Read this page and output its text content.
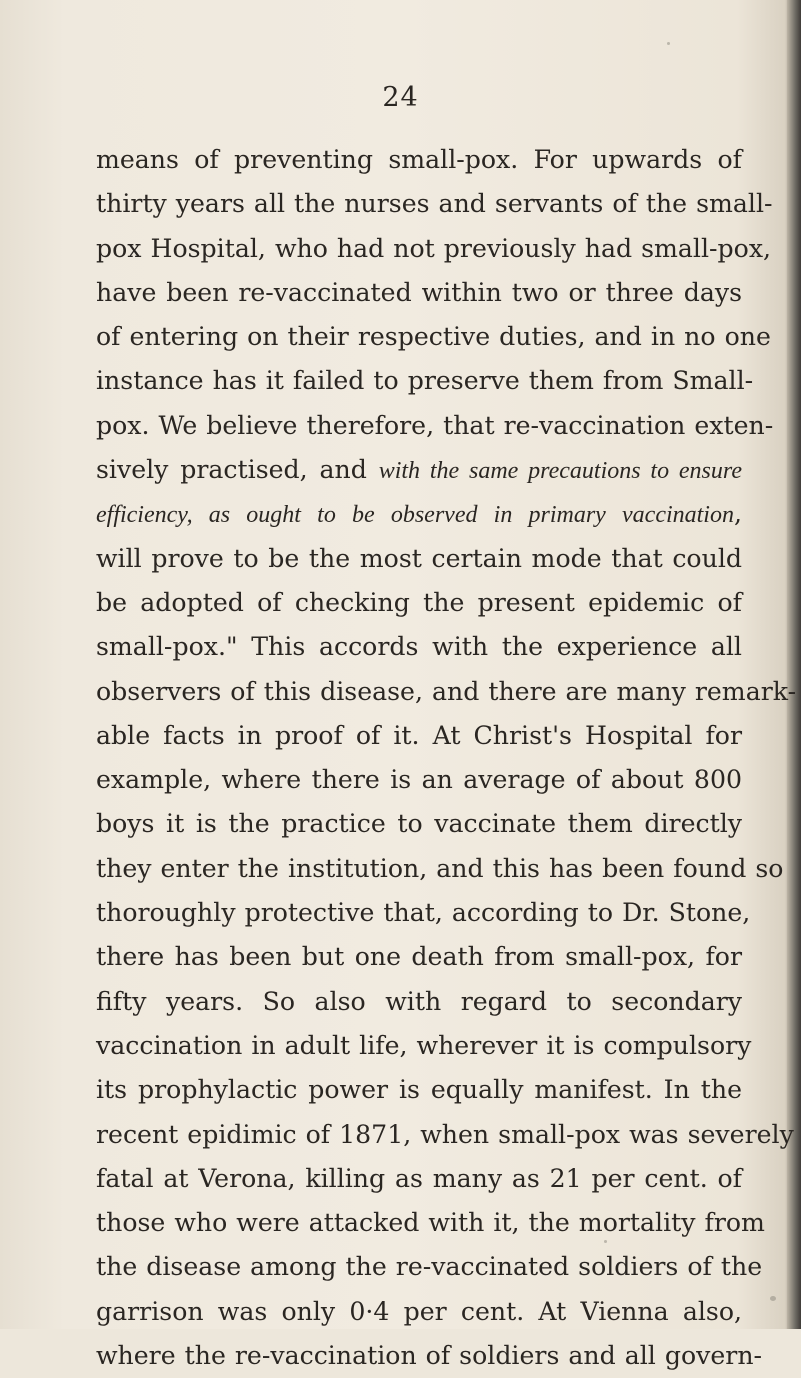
24
means of preventing small-pox. For upwards of
thirty years all the nurses and servants of the small-
pox Hospital, who had not previously had small-pox,
have been re-vaccinated within two or three days
of entering on their respective duties, and in no one
instance has it failed to preserve them from Small-
pox. We believe therefore, that re-vaccination exten-
sively practised, and with the same precautions to ensure
efficiency, as ought to be observed in primary vaccination,
will prove to be the most certain mode that could
be adopted of checking the present epidemic of
small-pox." This accords with the experience all
observers of this disease, and there are many remark-
able facts in proof of it. At Christ's Hospital for
example, where there is an average of about 800
boys it is the practice to vaccinate them directly
they enter the institution, and this has been found so
thoroughly protective that, according to Dr. Stone,
there has been but one death from small-pox, for
fifty years. So also with regard to secondary
vaccination in adult life, wherever it is compulsory
its prophylactic power is equally manifest. In the
recent epidimic of 1871, when small-pox was severely
fatal at Verona, killing as many as 21 per cent. of
those who were attacked with it, the mortality from
the disease among the re-vaccinated soldiers of the
garrison was only 0·4 per cent. At Vienna also,
where the re-vaccination of soldiers and all govern-
